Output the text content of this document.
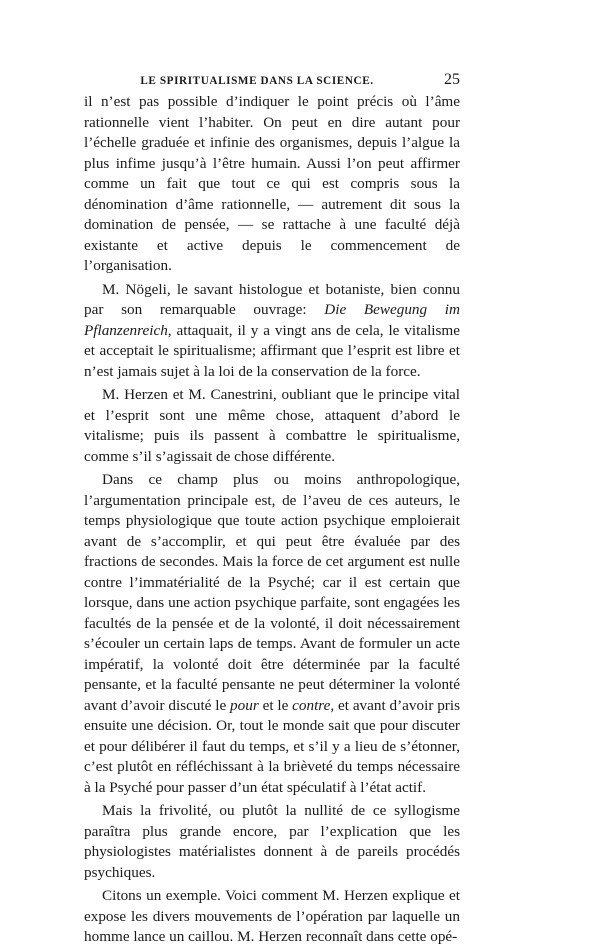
LE SPIRITUALISME DANS LA SCIENCE.	25

il n’est pas possible d’indiquer le point précis où l’âme rationnelle vient l’habiter. On peut en dire autant pour l’échelle graduée et infinie des organismes, depuis l’algue la plus infime jusqu’à l’être humain. Aussi l’on peut affirmer comme un fait que tout ce qui est compris sous la dénomination d’âme rationnelle, — autrement dit sous la domination de pensée, — se rattache à une faculté déjà existante et active depuis le commencement de l’organisation.

M. Nögeli, le savant histologue et botaniste, bien connu par son remarquable ouvrage: Die Bewegung im Pflanzenreich, attaquait, il y a vingt ans de cela, le vitalisme et acceptait le spiritualisme; affirmant que l’esprit est libre et n’est jamais sujet à la loi de la conservation de la force.

M. Herzen et M. Canestrini, oubliant que le principe vital et l’esprit sont une même chose, attaquent d’abord le vitalisme; puis ils passent à combattre le spiritualisme, comme s’il s’agissait de chose différente.

Dans ce champ plus ou moins anthropologique, l’argumentation principale est, de l’aveu de ces auteurs, le temps physiologique que toute action psychique emploierait avant de s’accomplir, et qui peut être évaluée par des fractions de secondes. Mais la force de cet argument est nulle contre l’immatérialité de la Psyché; car il est certain que lorsque, dans une action psychique parfaite, sont engagées les facultés de la pensée et de la volonté, il doit nécessairement s’écouler un certain laps de temps. Avant de formuler un acte impératif, la volonté doit être déterminée par la faculté pensante, et la faculté pensante ne peut déterminer la volonté avant d’avoir discuté le pour et le contre, et avant d’avoir pris ensuite une décision. Or, tout le monde sait que pour discuter et pour délibérer il faut du temps, et s’il y a lieu de s’étonner, c’est plutôt en réfléchissant à la brièveté du temps nécessaire à la Psyché pour passer d’un état spéculatif à l’état actif.

Mais la frivolité, ou plutôt la nullité de ce syllogisme paraîtra plus grande encore, par l’explication que les physiologistes matérialistes donnent à de pareils procédés psychiques.

Citons un exemple. Voici comment M. Herzen explique et expose les divers mouvements de l’opération par laquelle un homme lance un caillou. M. Herzen reconnaît dans cette opé-
